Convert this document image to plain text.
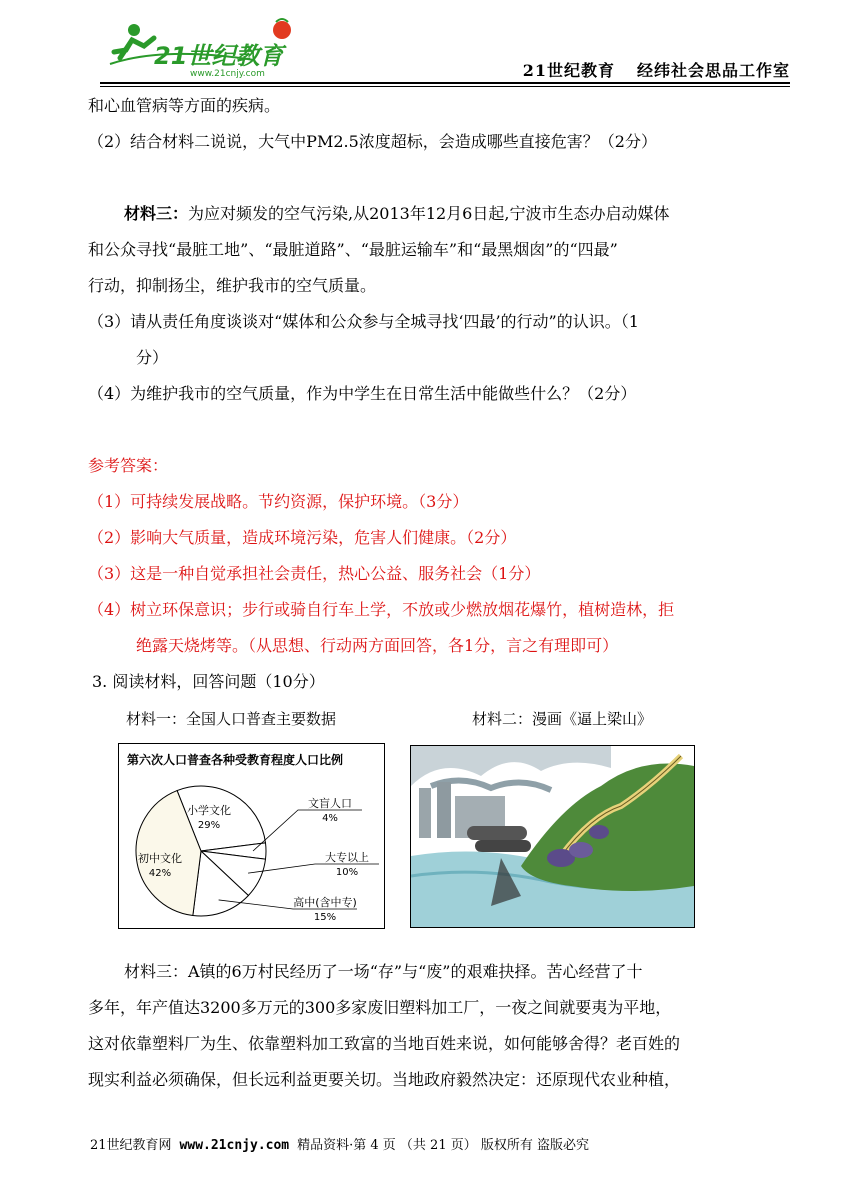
21世纪教育
www.21cnjy.com	21世纪教育 经纬社会思品工作室
和心血管病等方面的疾病。
（2）结合材料二说说，大气中PM2.5浓度超标，会造成哪些直接危害？（2分）
材料三：为应对频发的空气污染,从2013年12月6日起,宁波市生态办启动媒体
和公众寻找“最脏工地”、“最脏道路”、“最脏运输车”和“最黑烟囱”的“四最”
行动，抑制扬尘，维护我市的空气质量。
（3）请从责任角度谈谈对“媒体和公众参与全城寻找‘四最’的行动”的认识。（1
分）
（4）为维护我市的空气质量，作为中学生在日常生活中能做些什么？（2分）
参考答案：
（1）可持续发展战略。节约资源，保护环境。（3分）
（2）影响大气质量，造成环境污染，危害人们健康。（2分）
（3）这是一种自觉承担社会责任，热心公益、服务社会（1分）
（4）树立环保意识；步行或骑自行车上学，不放或少燃放烟花爆竹，植树造林，拒
绝露天烧烤等。（从思想、行动两方面回答，各1分，言之有理即可）
3. 阅读材料，回答问题（10分）
材料一：全国人口普查主要数据	材料二：漫画《逼上梁山》
第六次人口普查各种受教育程度人口比例
小学文化
29%
文盲人口
4%
大专以上
10%
高中(含中专)
15%
初中文化
42%
材料三：A镇的6万村民经历了一场“存”与“废”的艰难抉择。苦心经营了十
多年，年产值达3200多万元的300多家废旧塑料加工厂，一夜之间就要夷为平地，
这对依靠塑料厂为生、依靠塑料加工致富的当地百姓来说，如何能够舍得？老百姓的
现实利益必须确保，但长远利益更要关切。当地政府毅然决定：还原现代农业种植，
21世纪教育网 www.21cnjy.com 精品资料·第 4 页 （共 21 页） 版权所有 盗版必究
